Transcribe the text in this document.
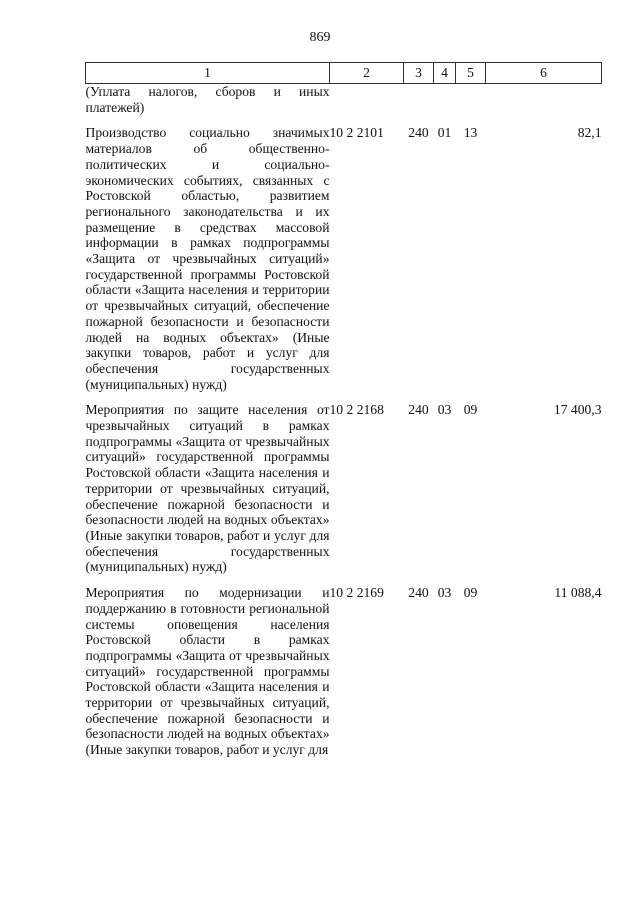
869
1	2	3	4	5	6
(Уплата налогов, сборов и иных платежей)					

Производство социально значимых материалов об общественно-политических и социально-экономических событиях, связанных с Ростовской областью, развитием регионального законодательства и их размещение в средствах массовой информации в рамках подпрограммы «Защита от чрезвычайных ситуаций» государственной программы Ростовской области «Защита населения и территории от чрезвычайных ситуаций, обеспечение пожарной безопасности и безопасности людей на водных объектах» (Иные закупки товаров, работ и услуг для обеспечения государственных (муниципальных) нужд)	10 2 2101	240	01	13	82,1

Мероприятия по защите населения от чрезвычайных ситуаций в рамках подпрограммы «Защита от чрезвычайных ситуаций» государственной программы Ростовской области «Защита населения и территории от чрезвычайных ситуаций, обеспечение пожарной безопасности и безопасности людей на водных объектах» (Иные закупки товаров, работ и услуг для обеспечения государственных (муниципальных) нужд)	10 2 2168	240	03	09	17 400,3

Мероприятия по модернизации и поддержанию в готовности региональной системы оповещения населения Ростовской области в рамках подпрограммы «Защита от чрезвычайных ситуаций» государственной программы Ростовской области «Защита населения и территории от чрезвычайных ситуаций, обеспечение пожарной безопасности и безопасности людей на водных объектах» (Иные закупки товаров, работ и услуг для	10 2 2169	240	03	09	11 088,4
